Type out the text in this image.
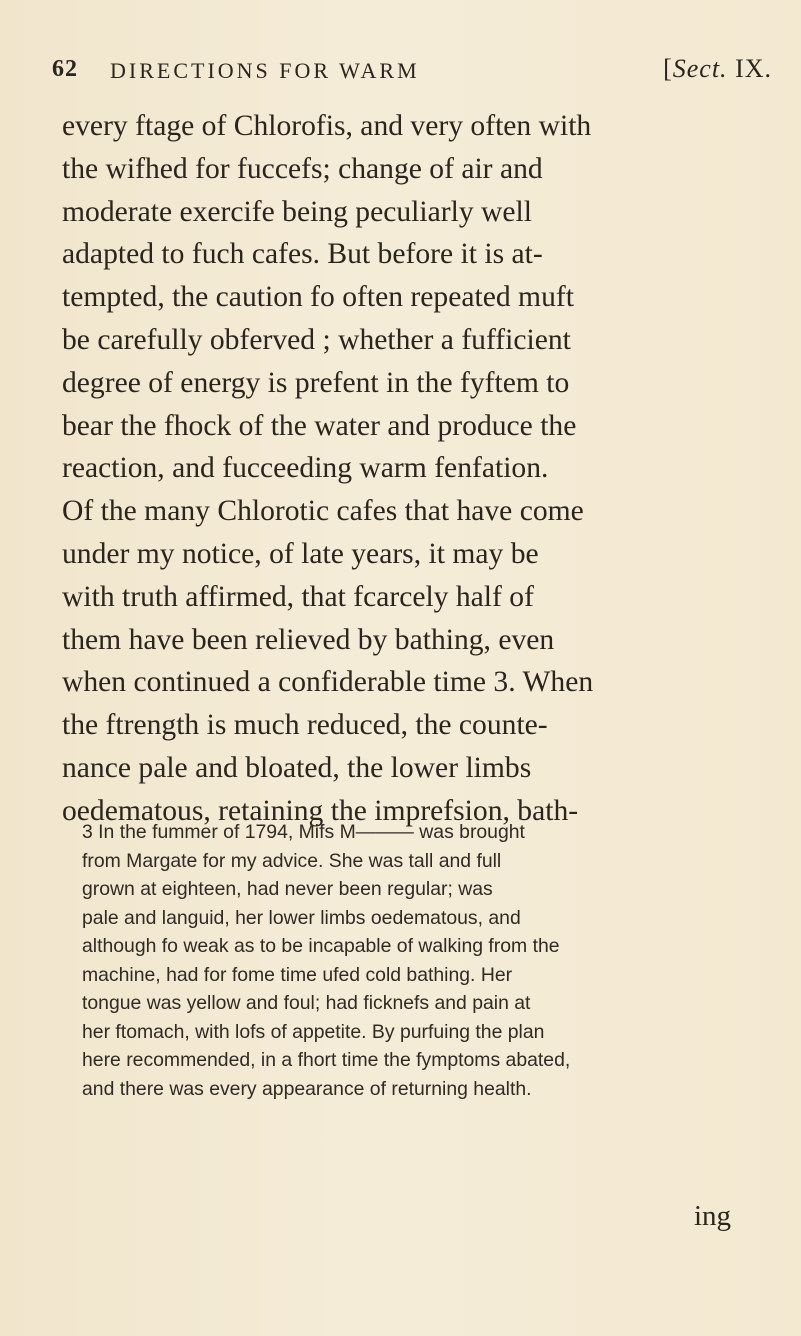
62 DIRECTIONS FOR WARM	[Sect. IX.
every ftage of Chlorofis, and very often with
the wifhed for fuccefs; change of air and
moderate exercife being peculiarly well
adapted to fuch cafes. But before it is at-
tempted, the caution fo often repeated muft
be carefully obferved ; whether a fufficient
degree of energy is prefent in the fyftem to
bear the fhock of the water and produce the
reaction, and fucceeding warm fenfation.
Of the many Chlorotic cafes that have come
under my notice, of late years, it may be
with truth affirmed, that fcarcely half of
them have been relieved by bathing, even
when continued a confiderable time 3. When
the ftrength is much reduced, the counte-
nance pale and bloated, the lower limbs
oedematous, retaining the imprefsion, bath-
3 In the fummer of 1794, Mifs M——— was brought
from Margate for my advice. She was tall and full
grown at eighteen, had never been regular; was
pale and languid, her lower limbs oedematous, and
although fo weak as to be incapable of walking from the
machine, had for fome time ufed cold bathing. Her
tongue was yellow and foul; had ficknefs and pain at
her ftomach, with lofs of appetite. By purfuing the plan
here recommended, in a fhort time the fymptoms abated,
and there was every appearance of returning health.
ing
